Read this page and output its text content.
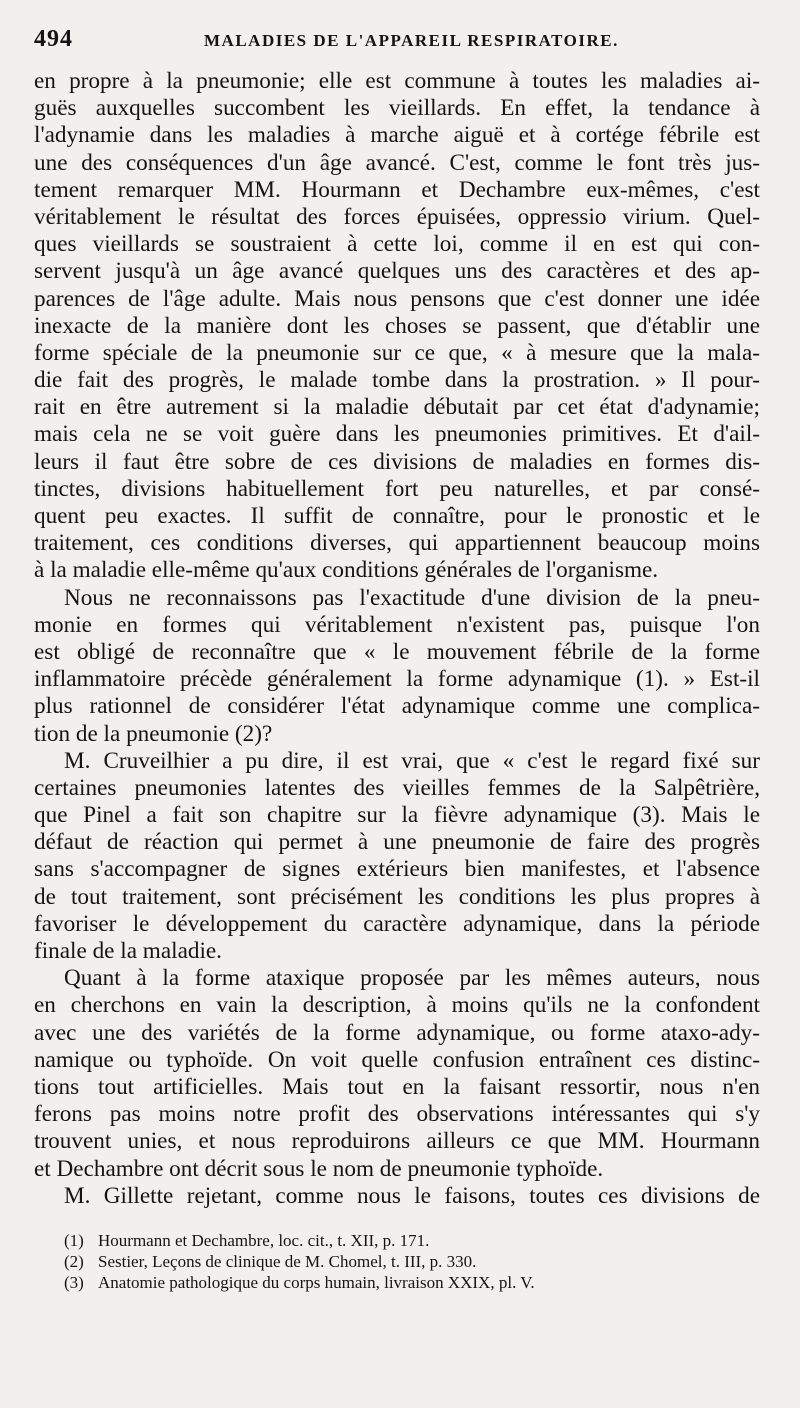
494	MALADIES DE L'APPAREIL RESPIRATOIRE.
en propre à la pneumonie; elle est commune à toutes les maladies ai-
guës auxquelles succombent les vieillards. En effet, la tendance à
l'adynamie dans les maladies à marche aiguë et à cortége fébrile est
une des conséquences d'un âge avancé. C'est, comme le font très jus-
tement remarquer MM. Hourmann et Dechambre eux-mêmes, c'est
véritablement le résultat des forces épuisées, oppressio virium. Quel-
ques vieillards se soustraient à cette loi, comme il en est qui con-
servent jusqu'à un âge avancé quelques uns des caractères et des ap-
parences de l'âge adulte. Mais nous pensons que c'est donner une idée
inexacte de la manière dont les choses se passent, que d'établir une
forme spéciale de la pneumonie sur ce que, « à mesure que la mala-
die fait des progrès, le malade tombe dans la prostration. » Il pour-
rait en être autrement si la maladie débutait par cet état d'adynamie;
mais cela ne se voit guère dans les pneumonies primitives. Et d'ail-
leurs il faut être sobre de ces divisions de maladies en formes dis-
tinctes, divisions habituellement fort peu naturelles, et par consé-
quent peu exactes. Il suffit de connaître, pour le pronostic et le
traitement, ces conditions diverses, qui appartiennent beaucoup moins
à la maladie elle-même qu'aux conditions générales de l'organisme.
Nous ne reconnaissons pas l'exactitude d'une division de la pneu-
monie en formes qui véritablement n'existent pas, puisque l'on
est obligé de reconnaître que « le mouvement fébrile de la forme
inflammatoire précède généralement la forme adynamique (1). » Est-il
plus rationnel de considérer l'état adynamique comme une complica-
tion de la pneumonie (2)?
M. Cruveilhier a pu dire, il est vrai, que « c'est le regard fixé sur
certaines pneumonies latentes des vieilles femmes de la Salpêtrière,
que Pinel a fait son chapitre sur la fièvre adynamique (3). Mais le
défaut de réaction qui permet à une pneumonie de faire des progrès
sans s'accompagner de signes extérieurs bien manifestes, et l'absence
de tout traitement, sont précisément les conditions les plus propres à
favoriser le développement du caractère adynamique, dans la période
finale de la maladie.
Quant à la forme ataxique proposée par les mêmes auteurs, nous
en cherchons en vain la description, à moins qu'ils ne la confondent
avec une des variétés de la forme adynamique, ou forme ataxo-ady-
namique ou typhoïde. On voit quelle confusion entraînent ces distinc-
tions tout artificielles. Mais tout en la faisant ressortir, nous n'en
ferons pas moins notre profit des observations intéressantes qui s'y
trouvent unies, et nous reproduirons ailleurs ce que MM. Hourmann
et Dechambre ont décrit sous le nom de pneumonie typhoïde.
M. Gillette rejetant, comme nous le faisons, toutes ces divisions de
(1) Hourmann et Dechambre, loc. cit., t. XII, p. 171.
(2) Sestier, Leçons de clinique de M. Chomel, t. III, p. 330.
(3) Anatomie pathologique du corps humain, livraison XXIX, pl. V.
